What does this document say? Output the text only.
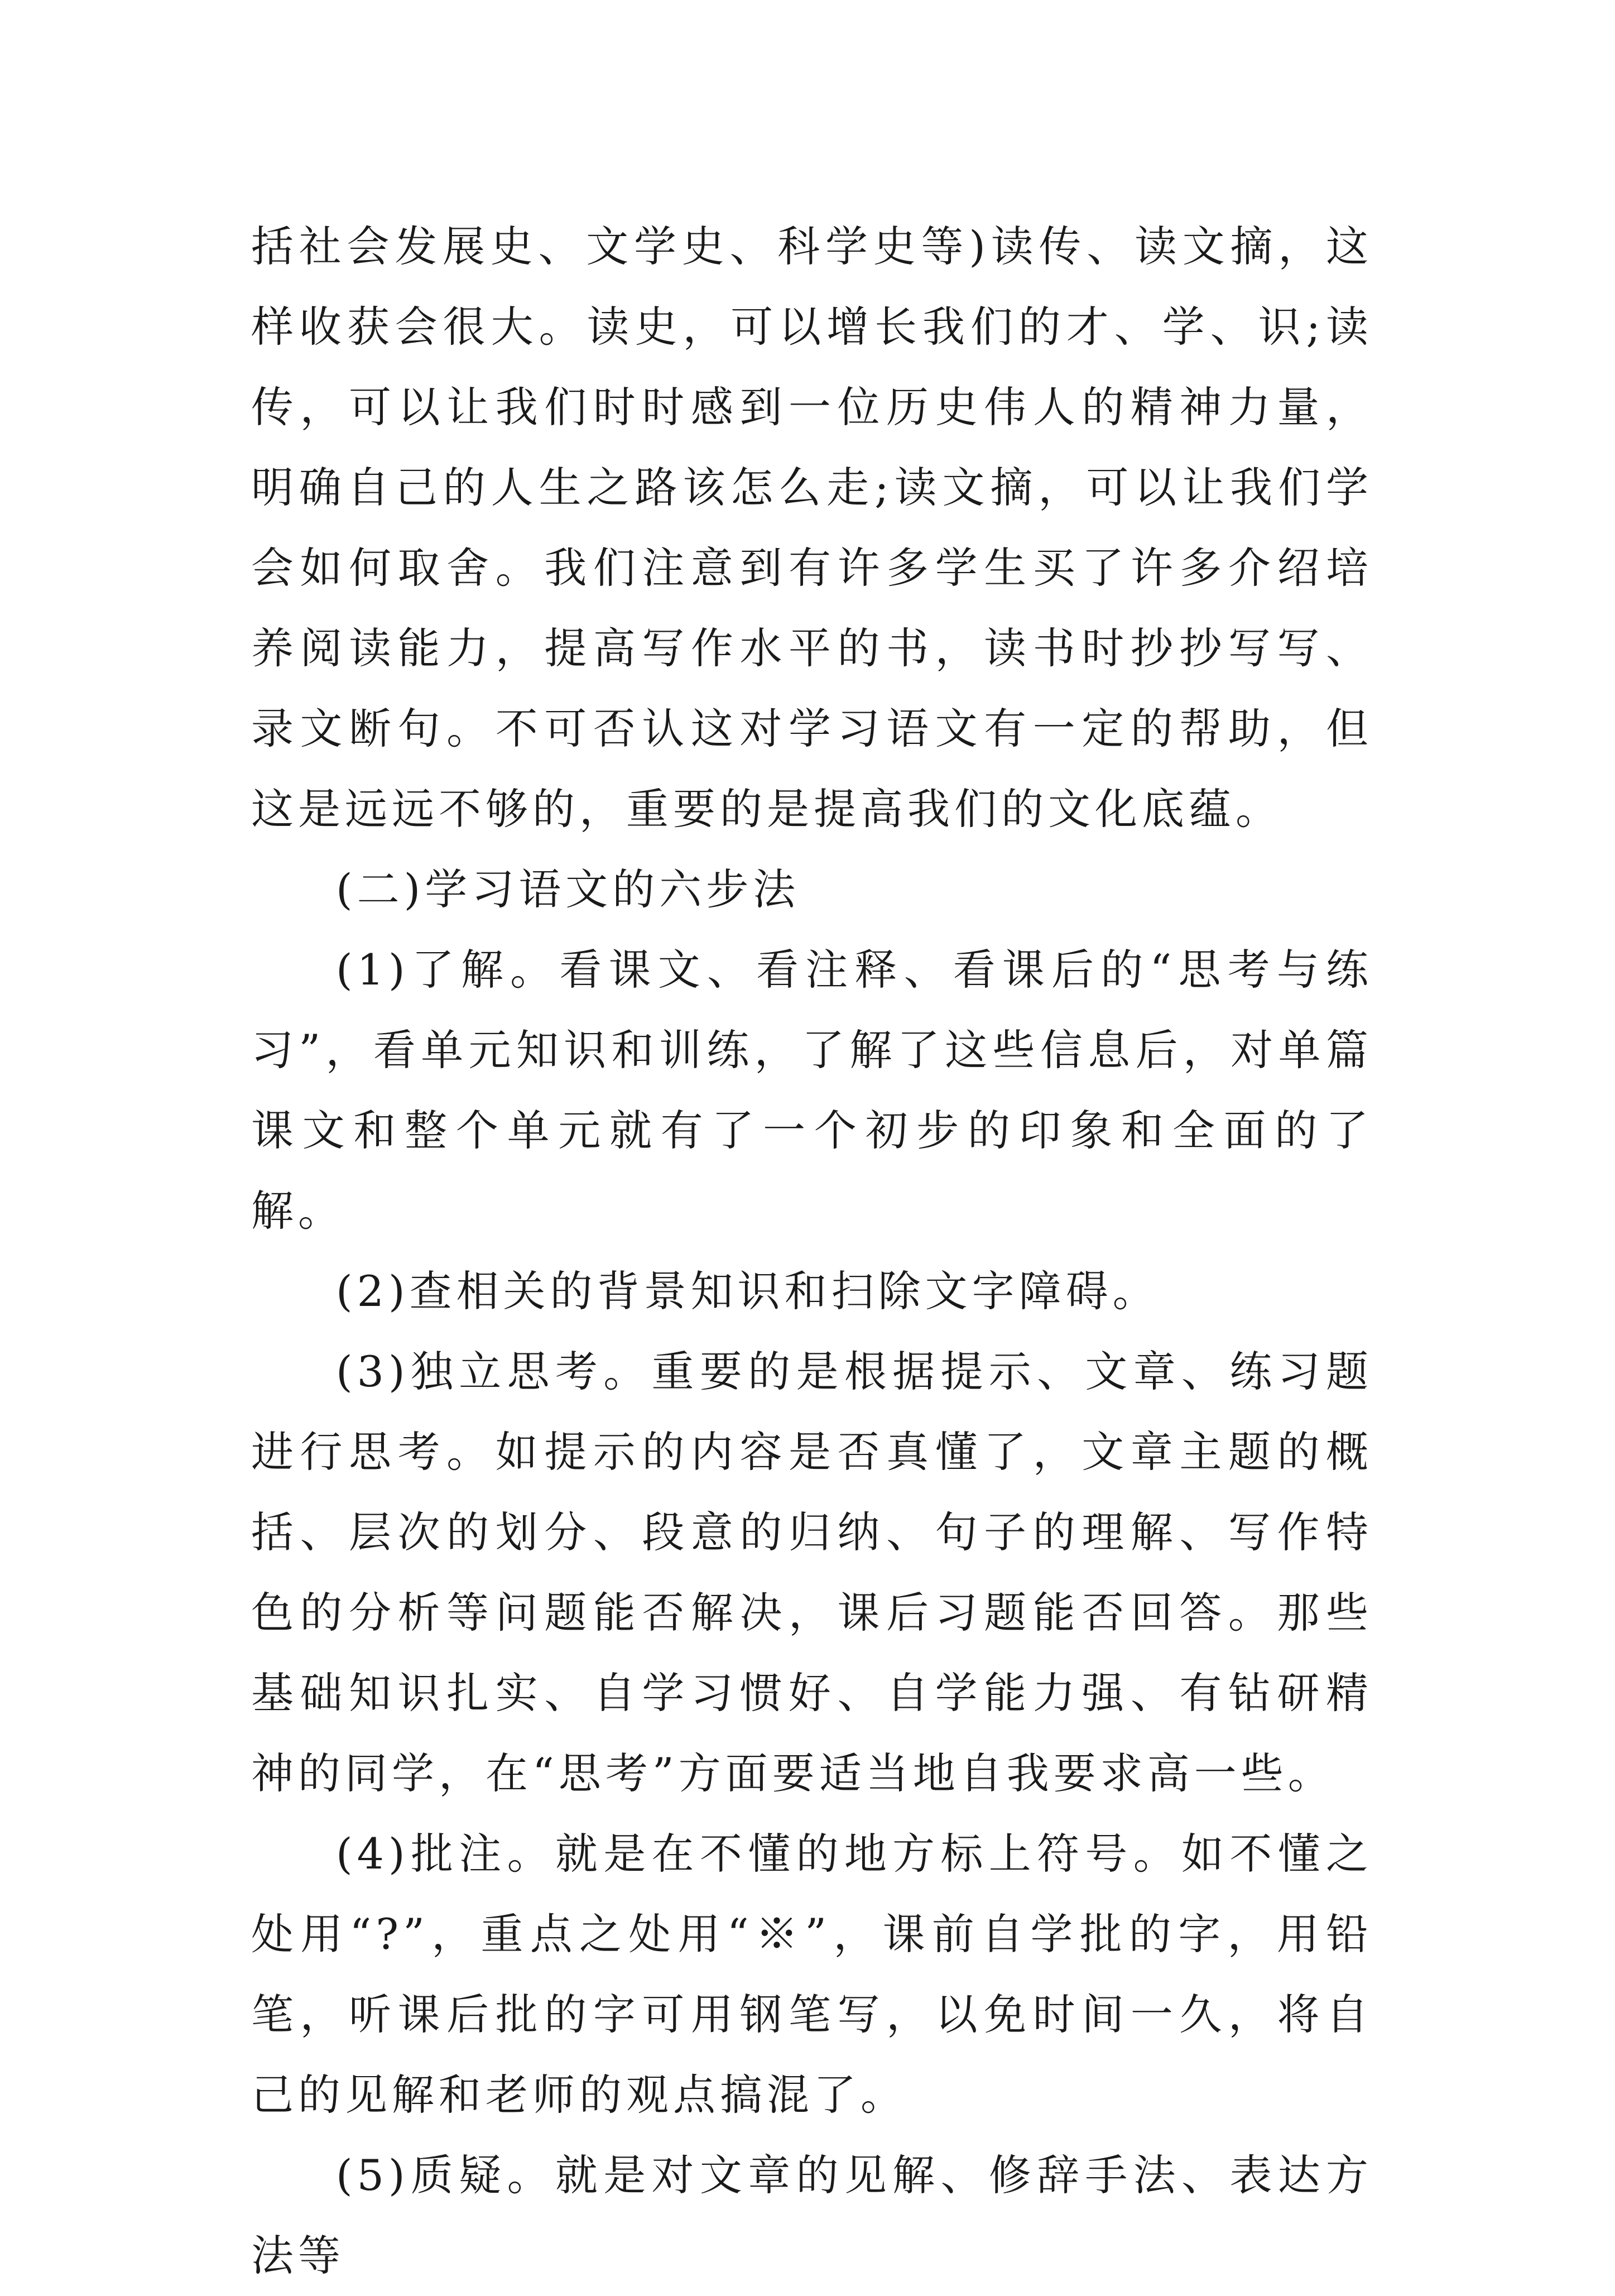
括社会发展史、文学史、科学史等)读传、读文摘，这样收获会很大。读史，可以增长我们的才、学、识;读传，可以让我们时时感到一位历史伟人的精神力量，明确自己的人生之路该怎么走;读文摘，可以让我们学会如何取舍。我们注意到有许多学生买了许多介绍培养阅读能力，提高写作水平的书，读书时抄抄写写、录文断句。不可否认这对学习语文有一定的帮助，但这是远远不够的，重要的是提高我们的文化底蕴。

(二)学习语文的六步法

(1)了解。看课文、看注释、看课后的“思考与练习”，看单元知识和训练，了解了这些信息后，对单篇课文和整个单元就有了一个初步的印象和全面的了解。

(2)查相关的背景知识和扫除文字障碍。

(3)独立思考。重要的是根据提示、文章、练习题进行思考。如提示的内容是否真懂了，文章主题的概括、层次的划分、段意的归纳、句子的理解、写作特色的分析等问题能否解决，课后习题能否回答。那些基础知识扎实、自学习惯好、自学能力强、有钻研精神的同学，在“思考”方面要适当地自我要求高一些。

(4)批注。就是在不懂的地方标上符号。如不懂之处用“?”，重点之处用“※”，课前自学批的字，用铅笔，听课后批的字可用钢笔写，以免时间一久，将自己的见解和老师的观点搞混了。

(5)质疑。就是对文章的见解、修辞手法、表达方法等
